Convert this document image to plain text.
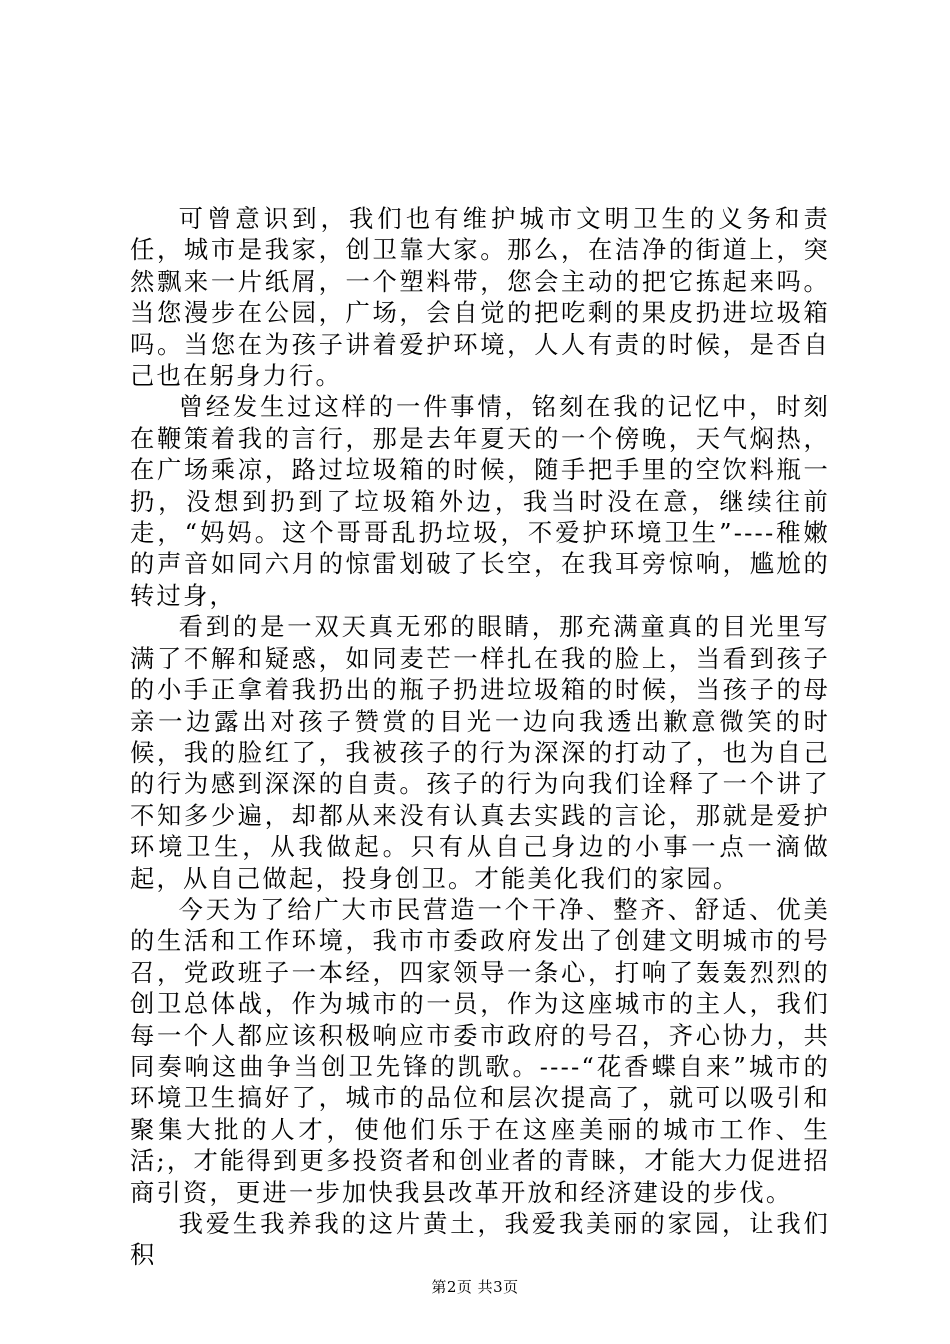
可曾意识到，我们也有维护城市文明卫生的义务和责任，城市是我家，创卫靠大家。那么，在洁净的街道上，突然飘来一片纸屑，一个塑料带，您会主动的把它拣起来吗。当您漫步在公园，广场，会自觉的把吃剩的果皮扔进垃圾箱吗。当您在为孩子讲着爱护环境，人人有责的时候，是否自己也在躬身力行。

曾经发生过这样的一件事情，铭刻在我的记忆中，时刻在鞭策着我的言行，那是去年夏天的一个傍晚，天气焖热，在广场乘凉，路过垃圾箱的时候，随手把手里的空饮料瓶一扔，没想到扔到了垃圾箱外边，我当时没在意，继续往前走，“妈妈。这个哥哥乱扔垃圾，不爱护环境卫生”----稚嫩的声音如同六月的惊雷划破了长空，在我耳旁惊响，尴尬的转过身，

看到的是一双天真无邪的眼睛，那充满童真的目光里写满了不解和疑惑，如同麦芒一样扎在我的脸上，当看到孩子的小手正拿着我扔出的瓶子扔进垃圾箱的时候，当孩子的母亲一边露出对孩子赞赏的目光一边向我透出歉意微笑的时候，我的脸红了，我被孩子的行为深深的打动了，也为自己的行为感到深深的自责。孩子的行为向我们诠释了一个讲了不知多少遍，却都从来没有认真去实践的言论，那就是爱护环境卫生，从我做起。只有从自己身边的小事一点一滴做起，从自己做起，投身创卫。才能美化我们的家园。

今天为了给广大市民营造一个干净、整齐、舒适、优美的生活和工作环境，我市市委政府发出了创建文明城市的号召，党政班子一本经，四家领导一条心，打响了轰轰烈烈的创卫总体战，作为城市的一员，作为这座城市的主人，我们每一个人都应该积极响应市委市政府的号召，齐心协力，共同奏响这曲争当创卫先锋的凯歌。----“花香蝶自来”城市的环境卫生搞好了，城市的品位和层次提高了，就可以吸引和聚集大批的人才，使他们乐于在这座美丽的城市工作、生活;，才能得到更多投资者和创业者的青睐，才能大力促进招商引资，更进一步加快我县改革开放和经济建设的步伐。

我爱生我养我的这片黄土，我爱我美丽的家园，让我们积

第2页 共3页
